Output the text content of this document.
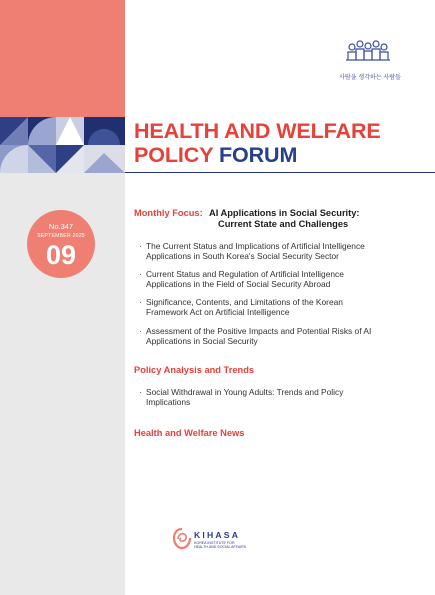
HEALTH AND WELFARE
POLICY FORUM
사람을 생각하는 사람들
No.347
SEPTEMBER 2025
09
Monthly Focus: AI Applications in Social Security:
Current State and Challenges
· The Current Status and Implications of Artificial Intelligence
Applications in South Korea's Social Security Sector
· Current Status and Regulation of Artificial Intelligence
Applications in the Field of Social Security Abroad
· Significance, Contents, and Limitations of the Korean
Framework Act on Artificial Intelligence
· Assessment of the Positive Impacts and Potential Risks of AI
Applications in Social Security
Policy Analysis and Trends
· Social Withdrawal in Young Adults: Trends and Policy
Implications
Health and Welfare News
KIHASA
KOREA INSTITUTE FOR
HEALTH AND SOCIAL AFFAIRS
